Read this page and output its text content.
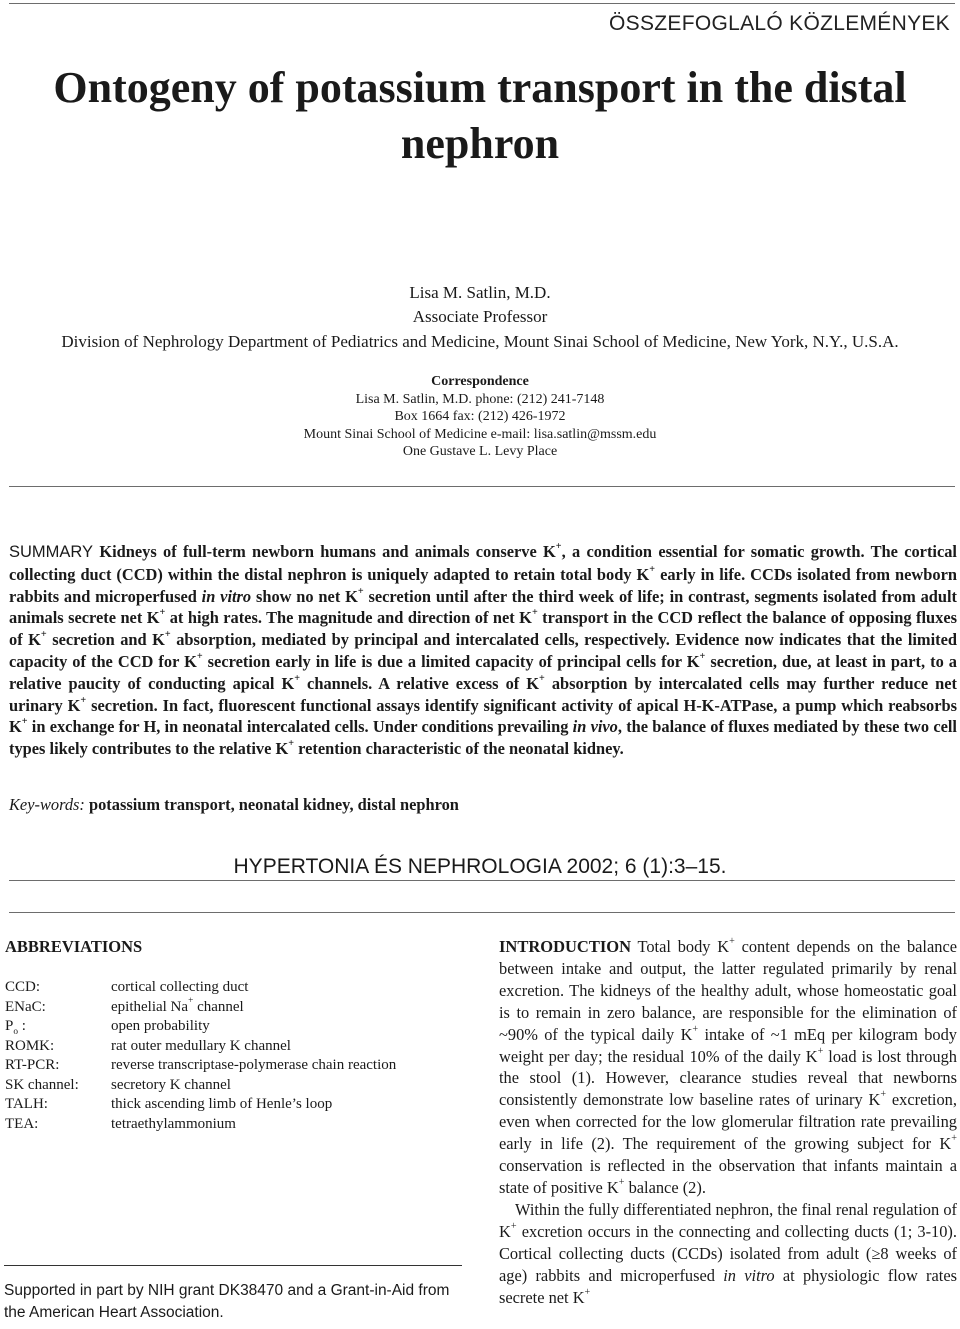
ÖSSZEFOGLALÓ KÖZLEMÉNYEK
Ontogeny of potassium transport in the distal
nephron
Lisa M. Satlin, M.D.
Associate Professor
Division of Nephrology Department of Pediatrics and Medicine, Mount Sinai School of Medicine, New York, N.Y., U.S.A.
Correspondence
Lisa M. Satlin, M.D. phone: (212) 241-7148
Box 1664 fax: (212) 426-1972
Mount Sinai School of Medicine e-mail: lisa.satlin@mssm.edu
One Gustave L. Levy Place
SUMMARY Kidneys of full-term newborn humans and animals conserve K+, a condition essential for somatic growth. The cortical collecting duct (CCD) within the distal nephron is uniquely adapted to retain total body K+ early in life. CCDs isolated from newborn rabbits and microperfused in vitro show no net K+ secretion until after the third week of life; in contrast, segments isolated from adult animals secrete net K+ at high rates. The magnitude and direction of net K+ transport in the CCD reflect the balance of opposing fluxes of K+ secretion and K+ absorption, mediated by principal and intercalated cells, respectively. Evidence now indicates that the limited capacity of the CCD for K+ secretion early in life is due a limited capacity of principal cells for K+ secretion, due, at least in part, to a relative paucity of conducting apical K+ channels. A relative excess of K+ absorption by intercalated cells may further reduce net urinary K+ secretion. In fact, fluorescent functional assays identify significant activity of apical H-K-ATPase, a pump which reabsorbs K+ in exchange for H, in neonatal intercalated cells. Under conditions prevailing in vivo, the balance of fluxes mediated by these two cell types likely contributes to the relative K+ retention characteristic of the neonatal kidney.
Key-words: potassium transport, neonatal kidney, distal nephron
HYPERTONIA ÉS NEPHROLOGIA 2002; 6 (1):3–15.
ABBREVIATIONS
CCD:	cortical collecting duct
ENaC:	epithelial Na+ channel
$P_o$ :	open probability
ROMK:	rat outer medullary K channel
RT-PCR:	reverse transcriptase-polymerase chain reaction
SK channel: secretory K channel
TALH:	thick ascending limb of Henle’s loop
TEA:	tetraethylammonium
Supported in part by NIH grant DK38470 and a Grant-in-Aid from the American Heart Association.

INTRODUCTION Total body K+ content depends on the balance between intake and output, the latter regulated primarily by renal excretion. The kidneys of the healthy adult, whose homeostatic goal is to remain in zero balance, are responsible for the elimination of ~90% of the typical daily K+ intake of ~1 mEq per kilogram body weight per day; the residual 10% of the daily K+ load is lost through the stool (1). However, clearance studies reveal that newborns consistently demonstrate low baseline rates of urinary K+ excretion, even when corrected for the low glomerular filtration rate prevailing early in life (2). The requirement of the growing subject for K+ conservation is reflected in the observation that infants maintain a state of positive K+ balance (2).

Within the fully differentiated nephron, the final renal regulation of K+ excretion occurs in the connecting and collecting ducts (1; 3-10). Cortical collecting ducts (CCDs) isolated from adult (≥8 weeks of age) rabbits and microperfused in vitro at physiologic flow rates secrete net K+
